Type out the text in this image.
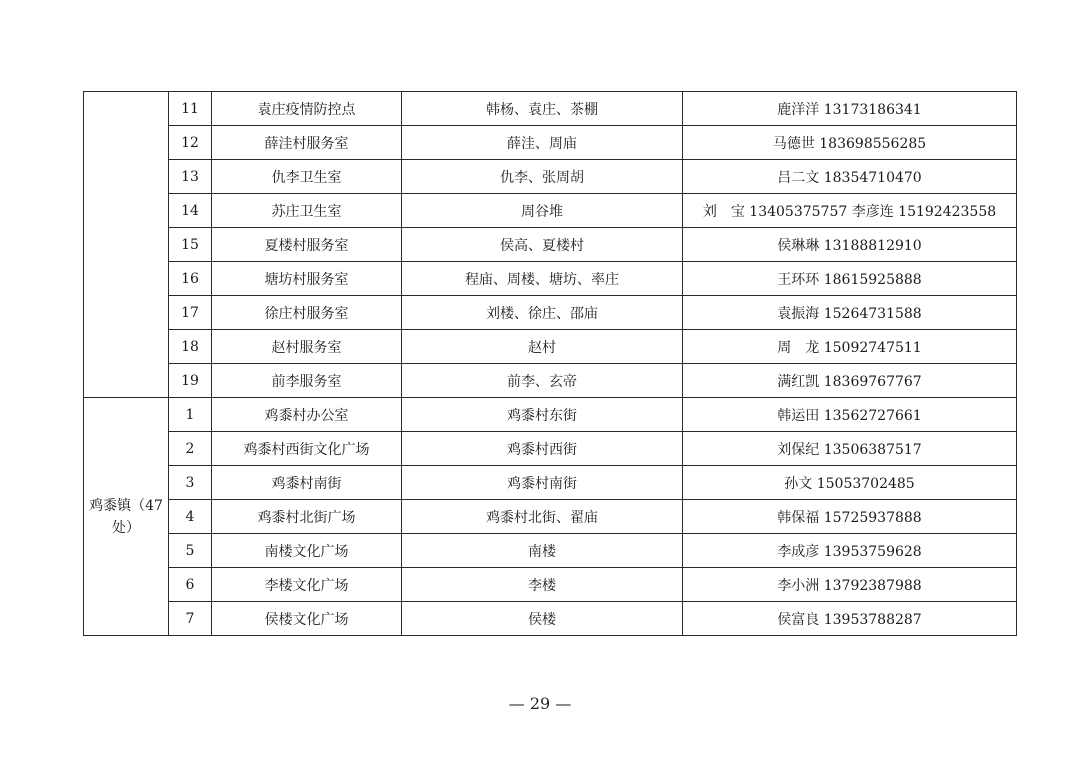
	11	袁庄疫情防控点	韩杨、袁庄、茶棚	鹿洋洋 13173186341
	12	薛洼村服务室	薛洼、周庙	马德世 183698556285
	13	仇李卫生室	仇李、张周胡	吕二文 18354710470
	14	苏庄卫生室	周谷堆	刘　宝 13405375757 李彦连 15192423558
	15	夏楼村服务室	侯高、夏楼村	侯琳琳 13188812910
	16	塘坊村服务室	程庙、周楼、塘坊、率庄	王环环 18615925888
	17	徐庄村服务室	刘楼、徐庄、邵庙	袁振海 15264731588
	18	赵村服务室	赵村	周　龙 15092747511
	19	前李服务室	前李、玄帝	满红凯 18369767767
鸡黍镇（47处）	1	鸡黍村办公室	鸡黍村东街	韩运田 13562727661
	2	鸡黍村西街文化广场	鸡黍村西街	刘保纪 13506387517
	3	鸡黍村南街	鸡黍村南街	孙文 15053702485
	4	鸡黍村北街广场	鸡黍村北街、翟庙	韩保福 15725937888
	5	南楼文化广场	南楼	李成彦 13953759628
	6	李楼文化广场	李楼	李小洲 13792387988
	7	侯楼文化广场	侯楼	侯富良 13953788287
— 29 —
